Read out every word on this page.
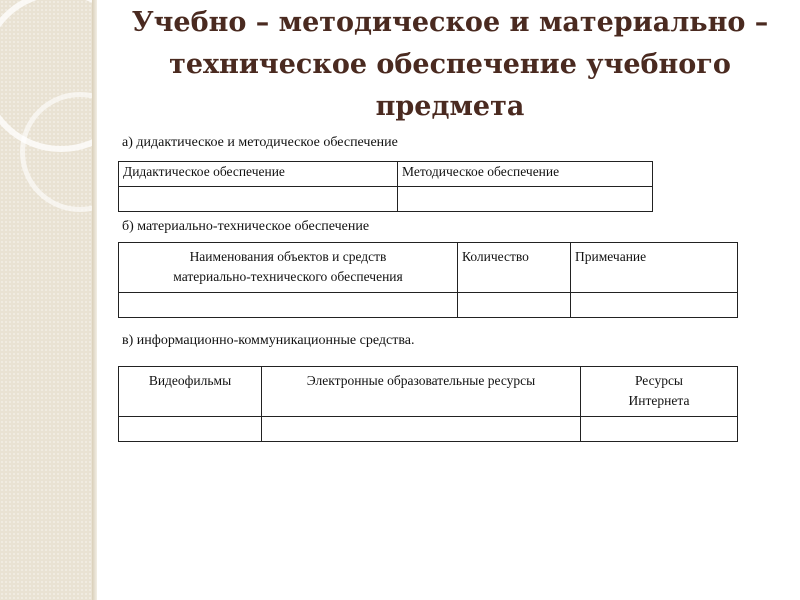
Учебно – методическое и материально – техническое обеспечение учебного предмета
а) дидактическое и методическое обеспечение
Дидактическое обеспечение	Методическое обеспечение

б) материально-техническое обеспечение
Наименования объектов и средств
материально-технического обеспечения	Количество	Примечание

в) информационно-коммуникационные средства.
Видеофильмы	Электронные образовательные ресурсы	Ресурсы
Интернета
